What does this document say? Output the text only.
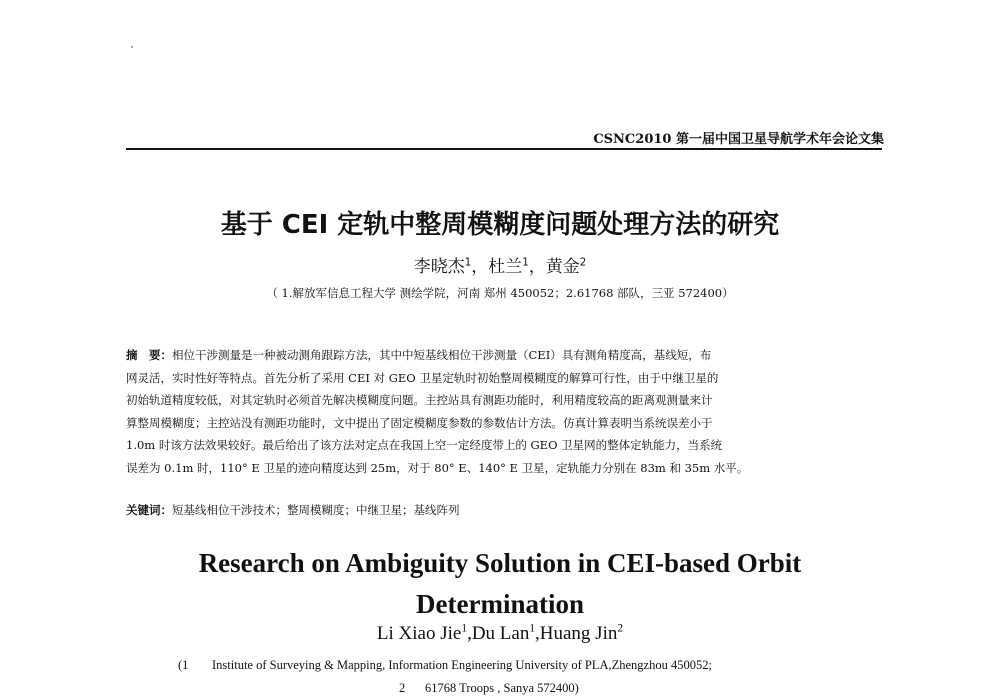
CSNC2010 第一届中国卫星导航学术年会论文集
基于 CEI 定轨中整周模糊度问题处理方法的研究
李晓杰$^1$，杜兰$^1$，黄金$^2$
（ 1.解放军信息工程大学 测绘学院，河南 郑州 450052；2.61768 部队，三亚 572400）
摘　要：相位干涉测量是一种被动测角跟踪方法，其中中短基线相位干涉测量（CEI）具有测角精度高，基线短，布
网灵活，实时性好等特点。首先分析了采用 CEI 对 GEO 卫星定轨时初始整周模糊度的解算可行性，由于中继卫星的
初始轨道精度较低，对其定轨时必须首先解决模糊度问题。主控站具有测距功能时，利用精度较高的距离观测量来计
算整周模糊度；主控站没有测距功能时，文中提出了固定模糊度参数的参数估计方法。仿真计算表明当系统误差小于
1.0m 时该方法效果较好。最后给出了该方法对定点在我国上空一定经度带上的 GEO 卫星网的整体定轨能力，当系统
误差为 0.1m 时，110° E 卫星的迹向精度达到 25m，对于 80° E、140° E 卫星，定轨能力分别在 83m 和 35m 水平。
关键词：短基线相位干涉技术；整周模糊度；中继卫星；基线阵列
Research on Ambiguity Solution in CEI-based Orbit
Determination
Li Xiao Jie$^1$,Du Lan$^1$,Huang Jin$^2$
(1 Institute of Surveying & Mapping, Information Engineering University of PLA,Zhengzhou 450052;
2 61768 Troops , Sanya 572400)
